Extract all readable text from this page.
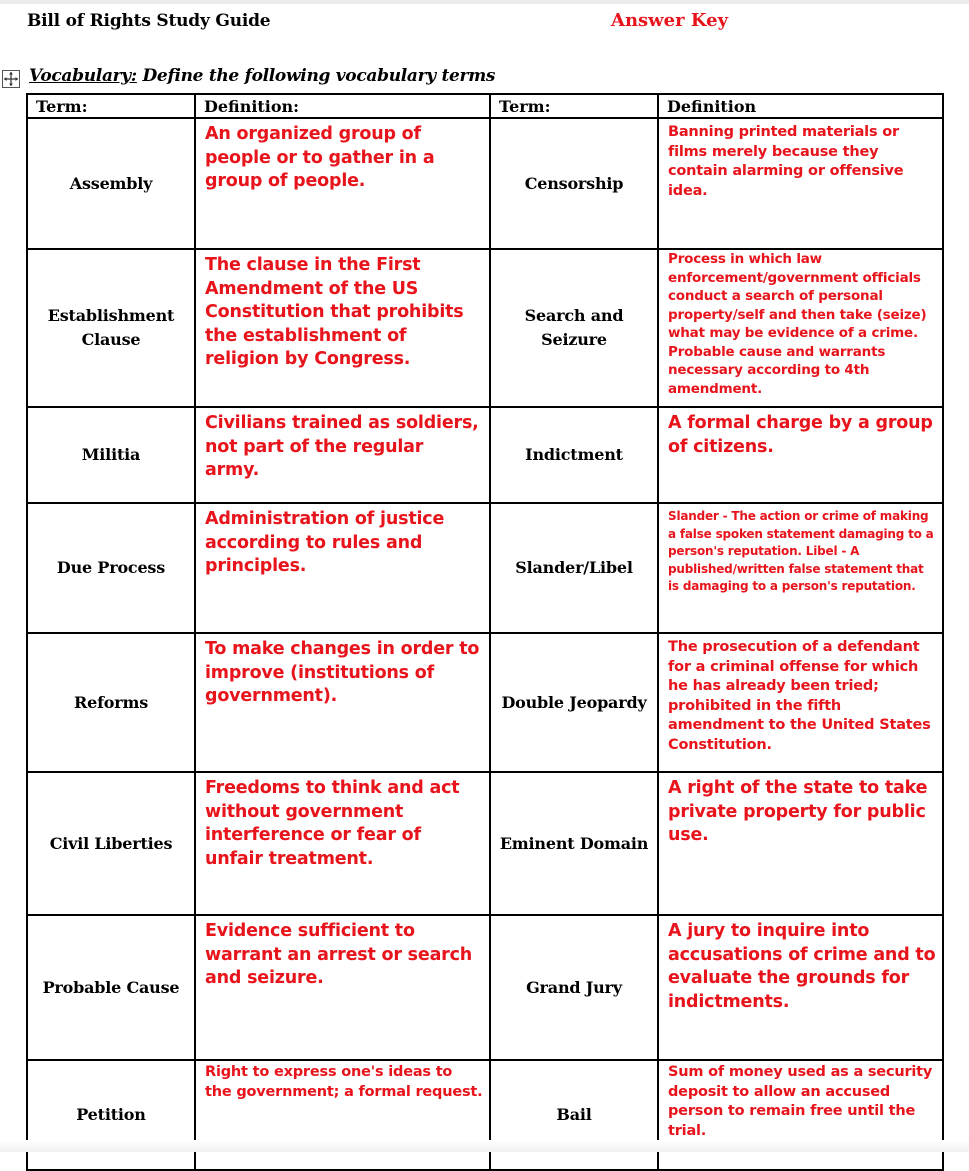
Bill of Rights Study Guide	Answer Key
Vocabulary: Define the following vocabulary terms
Term:	Definition:	Term:	Definition
Assembly	An organized group of people or to gather in a group of people.	Censorship	Banning printed materials or films merely because they contain alarming or offensive idea.
Establishment Clause	The clause in the First Amendment of the US Constitution that prohibits the establishment of religion by Congress.	Search and Seizure	Process in which law enforcement/government officials conduct a search of personal property/self and then take (seize) what may be evidence of a crime. Probable cause and warrants necessary according to 4th amendment.
Militia	Civilians trained as soldiers, not part of the regular army.	Indictment	A formal charge by a group of citizens.
Due Process	Administration of justice according to rules and principles.	Slander/Libel	Slander - The action or crime of making a false spoken statement damaging to a person's reputation. Libel - A published/written false statement that is damaging to a person's reputation.
Reforms	To make changes in order to improve (institutions of government).	Double Jeopardy	The prosecution of a defendant for a criminal offense for which he has already been tried; prohibited in the fifth amendment to the United States Constitution.
Civil Liberties	Freedoms to think and act without government interference or fear of unfair treatment.	Eminent Domain	A right of the state to take private property for public use.
Probable Cause	Evidence sufficient to warrant an arrest or search and seizure.	Grand Jury	A jury to inquire into accusations of crime and to evaluate the grounds for indictments.
Petition	Right to express one's ideas to the government; a formal request.	Bail	Sum of money used as a security deposit to allow an accused person to remain free until the trial.
